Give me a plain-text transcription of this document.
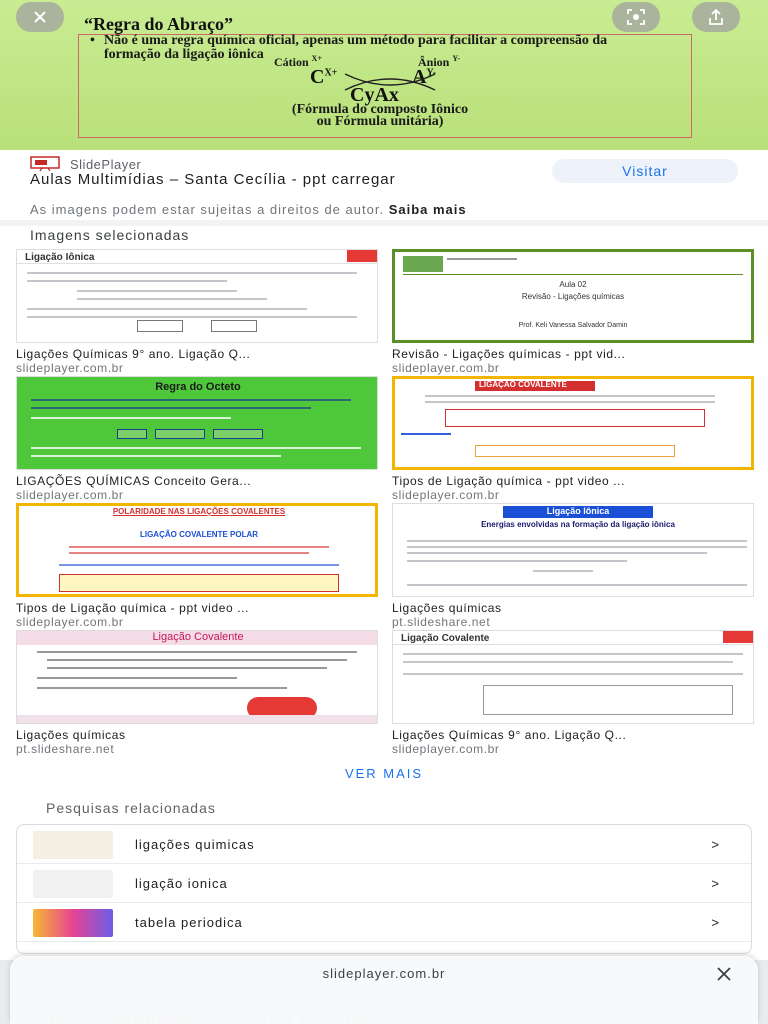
“Regra do Abraço”
• Não é uma regra química oficial, apenas um método para facilitar a compreensão da formação da ligação iônica Cátion $^{X+}$	Ânion $^{Y-}$
$C^{X+}$	$A^{Y-}$
CyAx
(Fórmula do composto Iônico
ou Fórmula unitária)
SlidePlayer
Aulas Multimídias – Santa Cecília - ppt carregar	Visitar
As imagens podem estar sujeitas a direitos de autor. Saiba mais
Imagens selecionadas
Ligação Iônica
Ligações Químicas 9° ano. Ligação Q...
slideplayer.com.br
Aula 02
Revisão - Ligações químicas
Prof. Keli Vanessa Salvador Damin
Revisão - Ligações químicas - ppt vid...
slideplayer.com.br
Regra do Octeto
LIGAÇÕES QUÍMICAS Conceito Gera...
slideplayer.com.br
LIGAÇÃO COVALENTE
Tipos de Ligação química - ppt video ...
slideplayer.com.br
POLARIDADE NAS LIGAÇÕES COVALENTES
LIGAÇÃO COVALENTE POLAR
Tipos de Ligação química - ppt video ...
slideplayer.com.br
Ligação Iônica
Energias envolvidas na formação da ligação iônica
Ligações químicas
pt.slideshare.net
Ligação Covalente
Ligações químicas
pt.slideshare.net
Ligação Covalente
Ligações Químicas 9° ano. Ligação Q...
slideplayer.com.br
VER MAIS
Pesquisas relacionadas
ligações quimicas	>
ligação ionica	>
tabela periodica	>
slideplayer.com.br
